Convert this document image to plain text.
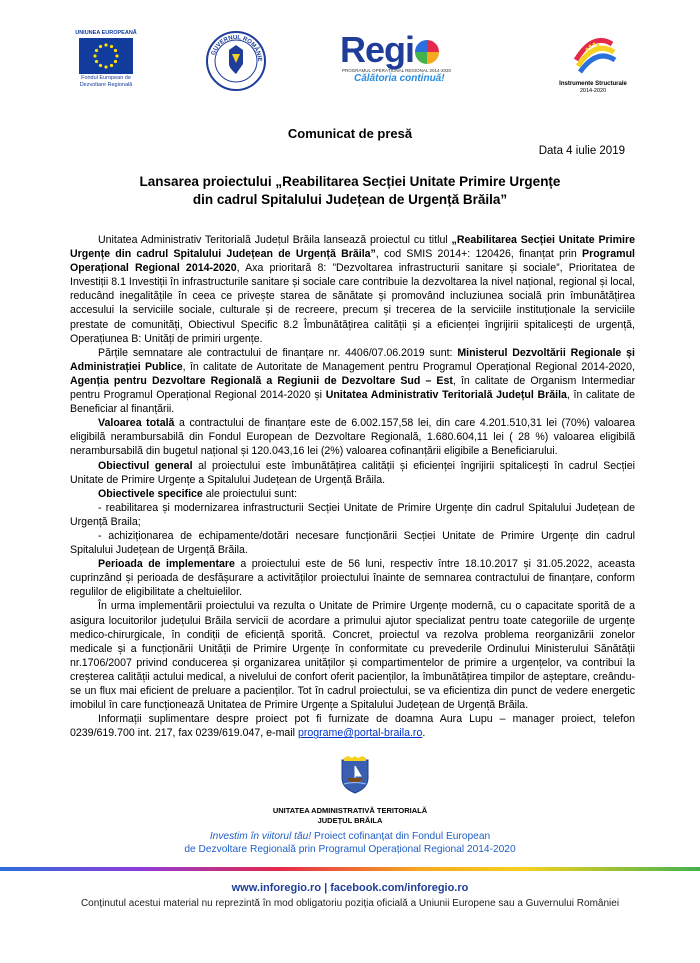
UNIUNEA EUROPEANĂ
Fondul European de
Dezvoltare Regională
GUVERNUL ROMÂNIE Regi
PROGRAMUL OPERAȚIONAL REGIONAL 2014-2020
Călătoria continuă!	Instrumente Structurale
2014-2020
Comunicat de presă
Data 4 iulie 2019
Lansarea proiectului „Reabilitarea Secției Unitate Primire Urgențe
din cadrul Spitalului Județean de Urgență Brăila”

Unitatea Administrativ Teritorială Județul Brăila lansează proiectul cu titlul „Reabilitarea Secției Unitate Primire Urgențe din cadrul Spitalului Județean de Urgență Brăila”, cod SMIS 2014+: 120426, finanțat prin Programul Operațional Regional 2014-2020, Axa prioritară 8: ”Dezvoltarea infrastructurii sanitare și sociale”, Prioritatea de Investiții 8.1 Investiții în infrastructurile sanitare și sociale care contribuie la dezvoltarea la nivel național, regional și local, reducând inegalitățile în ceea ce privește starea de sănătate și promovând incluziunea socială prin îmbunătățirea accesului la serviciile sociale, culturale și de recreere, precum și trecerea de la serviciile instituționale la serviciile prestate de comunități, Obiectivul Specific 8.2 Îmbunătățirea calității și a eficienței îngrijirii spitalicești de urgență, Operațiunea B: Unități de primiri urgențe.

Părțile semnatare ale contractului de finanțare nr. 4406/07.06.2019 sunt: Ministerul Dezvoltării Regionale și Administrației Publice, în calitate de Autoritate de Management pentru Programul Operațional Regional 2014-2020, Agenția pentru Dezvoltare Regională a Regiunii de Dezvoltare Sud – Est, în calitate de Organism Intermediar pentru Programul Operațional Regional 2014-2020 și Unitatea Administrativ Teritorială Județul Brăila, în calitate de Beneficiar al finanțării.

Valoarea totală a contractului de finanțare este de 6.002.157,58 lei, din care 4.201.510,31 lei (70%) valoarea eligibilă nerambursabilă din Fondul European de Dezvoltare Regională, 1.680.604,11 lei ( 28 %) valoarea eligibilă nerambursabilă din bugetul național și 120.043,16 lei (2%) valoarea cofinanțării eligibile a Beneficiarului.

Obiectivul general al proiectului este îmbunătățirea calității și eficienței îngrijirii spitalicești în cadrul Secției Unitate de Primire Urgențe a Spitalului Județean de Urgență Brăila.

Obiectivele specifice ale proiectului sunt:

- reabilitarea și modernizarea infrastructurii Secției Unitate de Primire Urgențe din cadrul Spitalului Județean de Urgență Braila;

- achiziționarea de echipamente/dotări necesare funcționării Secției Unitate de Primire Urgențe din cadrul Spitalului Județean de Urgență Brăila.

Perioada de implementare a proiectului este de 56 luni, respectiv între 18.10.2017 și 31.05.2022, aceasta cuprinzând și perioada de desfășurare a activităților proiectului înainte de semnarea contractului de finanțare, conform regulilor de eligibilitate a cheltuielilor.

În urma implementării proiectului va rezulta o Unitate de Primire Urgențe modernă, cu o capacitate sporită de a asigura locuitorilor județului Brăila servicii de acordare a primului ajutor specializat pentru toate categoriile de urgențe medico-chirurgicale, în condiții de eficiență sporită. Concret, proiectul va rezolva problema reorganizării zonelor medicale și a funcționării Unității de Primire Urgențe în conformitate cu prevederile Ordinului Ministerului Sănătății nr.1706/2007 privind conducerea și organizarea unităților și compartimentelor de primire a urgențelor, va contribui la creșterea calității actului medical, a nivelului de confort oferit pacienților, la îmbunătățirea timpilor de așteptare, creându-se un flux mai eficient de preluare a pacienților. Tot în cadrul proiectului, se va eficientiza din punct de vedere energetic imobilul în care funcționează Unitatea de Primire Urgențe a Spitalului Județean de Urgență Brăila.

Informații suplimentare despre proiect pot fi furnizate de doamna Aura Lupu – manager proiect, telefon 0239/619.700 int. 217, fax 0239/619.047, e-mail programe@portal-braila.ro.

UNITATEA ADMINISTRATIVĂ TERITORIALĂ
JUDEȚUL BRĂILA
Investim în viitorul tău! Proiect cofinanțat din Fondul European
de Dezvoltare Regională prin Programul Operațional Regional 2014-2020
www.inforegio.ro | facebook.com/inforegio.ro
Conținutul acestui material nu reprezintă în mod obligatoriu poziția oficială a Uniunii Europene sau a Guvernului României
